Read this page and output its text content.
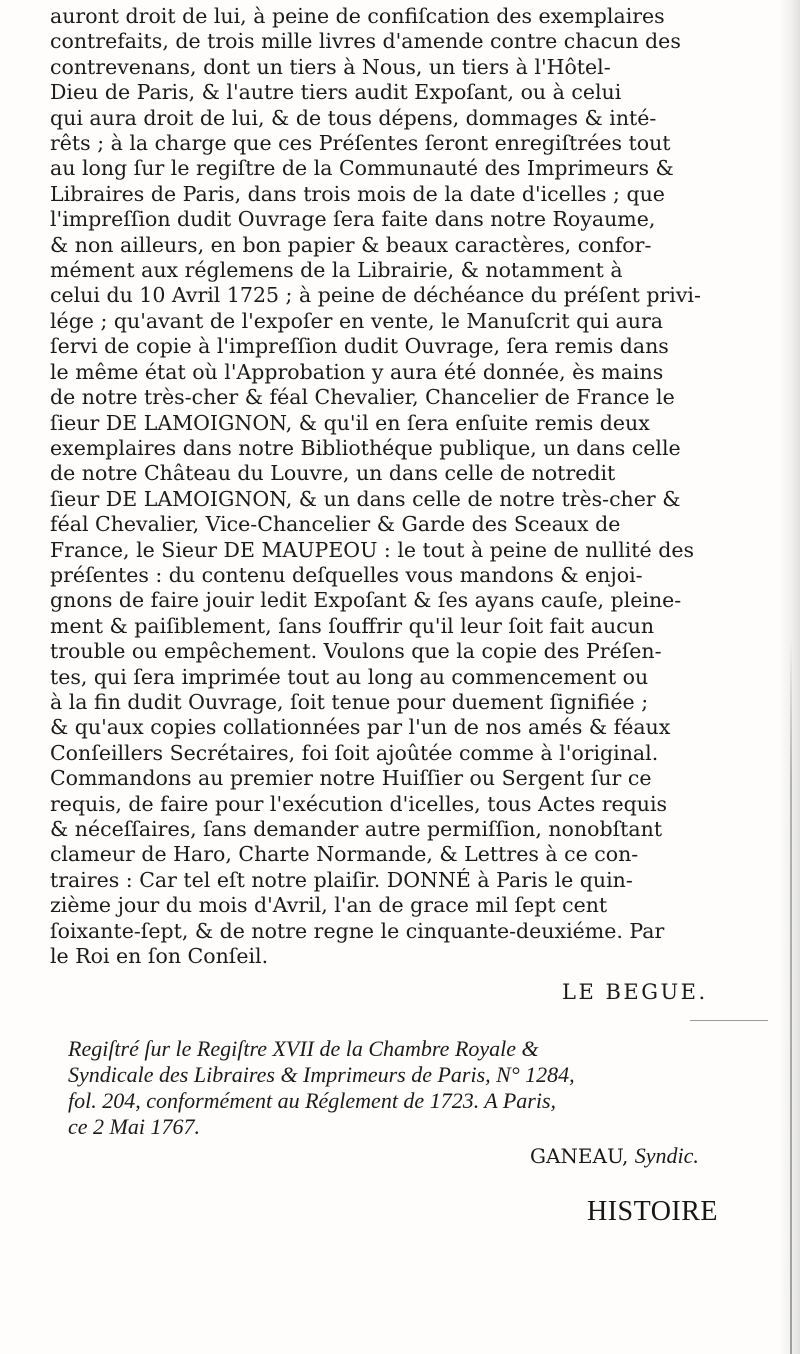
auront droit de lui, à peine de confiſcation des exemplaires
contrefaits, de trois mille livres d'amende contre chacun des
contrevenans, dont un tiers à Nous, un tiers à l'Hôtel-
Dieu de Paris, & l'autre tiers audit Expoſant, ou à celui
qui aura droit de lui, & de tous dépens, dommages & inté-
rêts ; à la charge que ces Préſentes ſeront enregiſtrées tout
au long ſur le regiſtre de la Communauté des Imprimeurs &
Libraires de Paris, dans trois mois de la date d'icelles ; que
l'impreſſion dudit Ouvrage ſera faite dans notre Royaume,
& non ailleurs, en bon papier & beaux caractères, confor-
mément aux réglemens de la Librairie, & notamment à
celui du 10 Avril 1725 ; à peine de déchéance du préſent privi-
lége ; qu'avant de l'expoſer en vente, le Manuſcrit qui aura
ſervi de copie à l'impreſſion dudit Ouvrage, ſera remis dans
le même état où l'Approbation y aura été donnée, ès mains
de notre très-cher & féal Chevalier, Chancelier de France le
ſieur DE LAMOIGNON, & qu'il en ſera enſuite remis deux
exemplaires dans notre Bibliothéque publique, un dans celle
de notre Château du Louvre, un dans celle de notredit
ſieur DE LAMOIGNON, & un dans celle de notre très-cher &
féal Chevalier, Vice-Chancelier & Garde des Sceaux de
France, le Sieur DE MAUPEOU : le tout à peine de nullité des
préſentes : du contenu deſquelles vous mandons & enjoi-
gnons de faire jouir ledit Expoſant & ſes ayans cauſe, pleine-
ment & paiſiblement, ſans ſouffrir qu'il leur ſoit fait aucun
trouble ou empêchement. Voulons que la copie des Préſen-
tes, qui ſera imprimée tout au long au commencement ou
à la fin dudit Ouvrage, ſoit tenue pour duement ſignifiée ;
& qu'aux copies collationnées par l'un de nos amés & féaux
Conſeillers Secrétaires, foi ſoit ajoûtée comme à l'original.
Commandons au premier notre Huiſſier ou Sergent ſur ce
requis, de faire pour l'exécution d'icelles, tous Actes requis
& néceſſaires, ſans demander autre permiſſion, nonobſtant
clameur de Haro, Charte Normande, & Lettres à ce con-
traires : Car tel eſt notre plaiſir. DONNÉ à Paris le quin-
zième jour du mois d'Avril, l'an de grace mil ſept cent
ſoixante-ſept, & de notre regne le cinquante-deuxiéme. Par
le Roi en ſon Conſeil.
LE BEGUE.
Regiſtré ſur le Regiſtre XVII de la Chambre Royale &
Syndicale des Libraires & Imprimeurs de Paris, N° 1284,
fol. 204, conformément au Réglement de 1723. A Paris,
ce 2 Mai 1767.
GANEAU, Syndic.
HISTOIRE
